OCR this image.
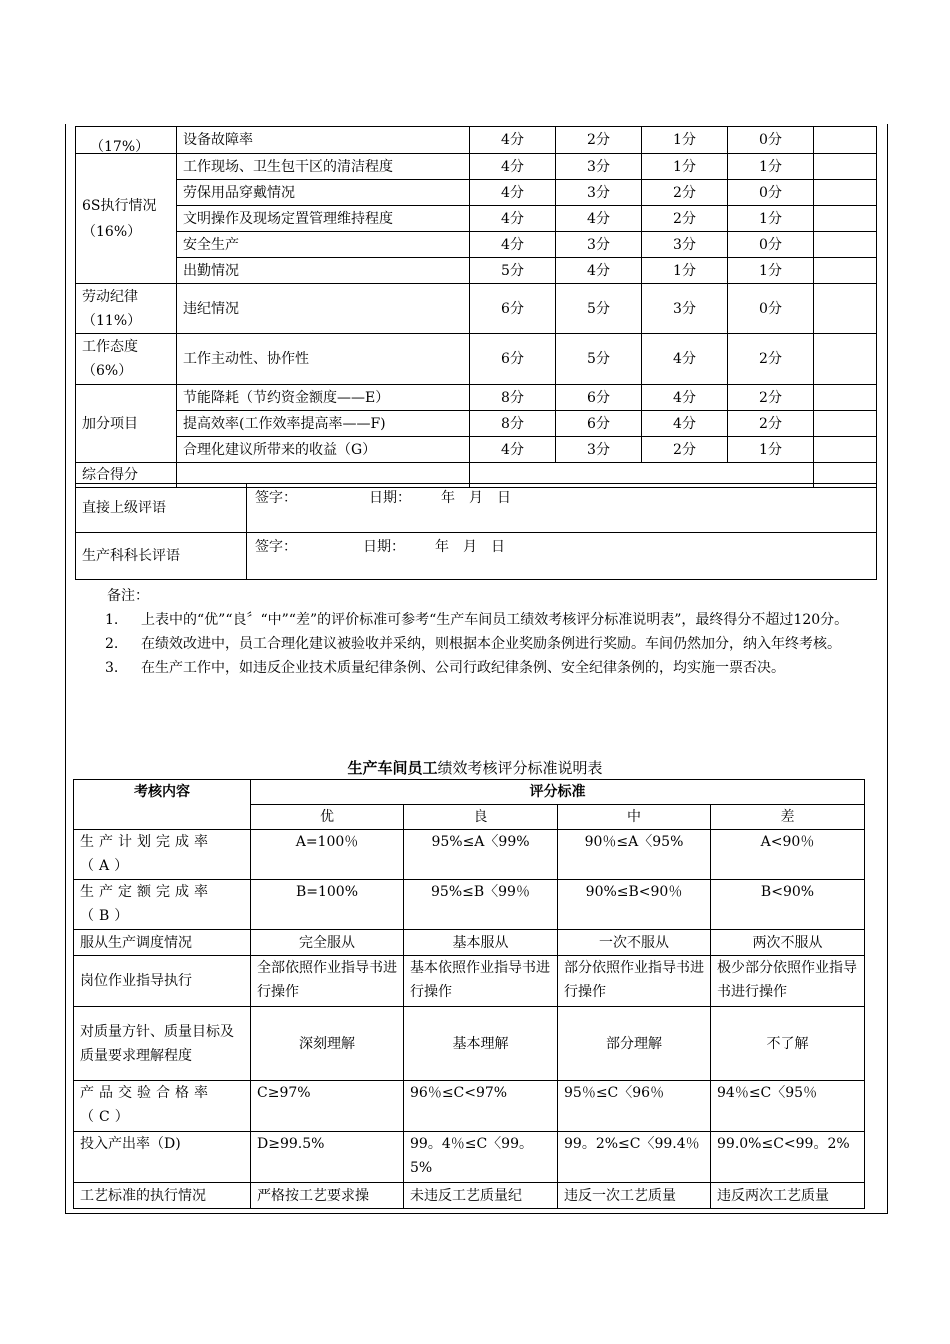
（17%）	设备故障率	4分	2分	1分	0分	
6S执行情况（16%）	工作现场、卫生包干区的清洁程度	4分	3分	1分	1分	
	劳保用品穿戴情况	4分	3分	2分	0分	
	文明操作及现场定置管理维持程度	4分	4分	2分	1分	
	安全生产	4分	3分	3分	0分	
	出勤情况	5分	4分	1分	1分	
劳动纪律（11%）	违纪情况	6分	5分	3分	0分	
工作态度（6%）	工作主动性、协作性	6分	5分	4分	2分	
加分项目	节能降耗（节约资金额度——E）	8分	6分	4分	2分	
	提高效率(工作效率提高率——F)	8分	6分	4分	2分	
	合理化建议所带来的收益（G）	4分	3分	2分	1分	
综合得分						
直接上级评语	签字： 日期： 年　月　日
生产科科长评语	签字： 日期： 年　月　日
备注：
1.	上表中的“优”“良〞“中”“差”的评价标准可参考“生产车间员工绩效考核评分标准说明表”，最终得分不超过120分。
2.	在绩效改进中，员工合理化建议被验收并采纳，则根据本企业奖励条例进行奖励。车间仍然加分，纳入年终考核。
3.	在生产工作中，如违反企业技术质量纪律条例、公司行政纪律条例、安全纪律条例的，均实施一票否决。
生产车间员工绩效考核评分标准说明表
考核内容	评分标准			
	优	良	中	差
生产计划完成率（A）	A=100％	95%≤A〈99%	90％≤A〈95%	A<90％
生产定额完成率（B）	B=100%	95%≤B〈99％	90%≤B<90％	B<90%
服从生产调度情况	完全服从	基本服从	一次不服从	两次不服从
岗位作业指导执行	全部依照作业指导书进行操作	基本依照作业指导书进行操作	部分依照作业指导书进行操作	极少部分依照作业指导书进行操作
对质量方针、质量目标及质量要求理解程度	深刻理解	基本理解	部分理解	不了解
产品交验合格率（C）	C≥97%	96％≤C<97%	95％≤C〈96％	94％≤C〈95％
投入产出率（D)	D≥99.5%	99。4％≤C〈99。5%	99。2%≤C〈99.4％	99.0%≤C<99。2%
工艺标准的执行情况	严格按工艺要求操	未违反工艺质量纪	违反一次工艺质量	违反两次工艺质量
